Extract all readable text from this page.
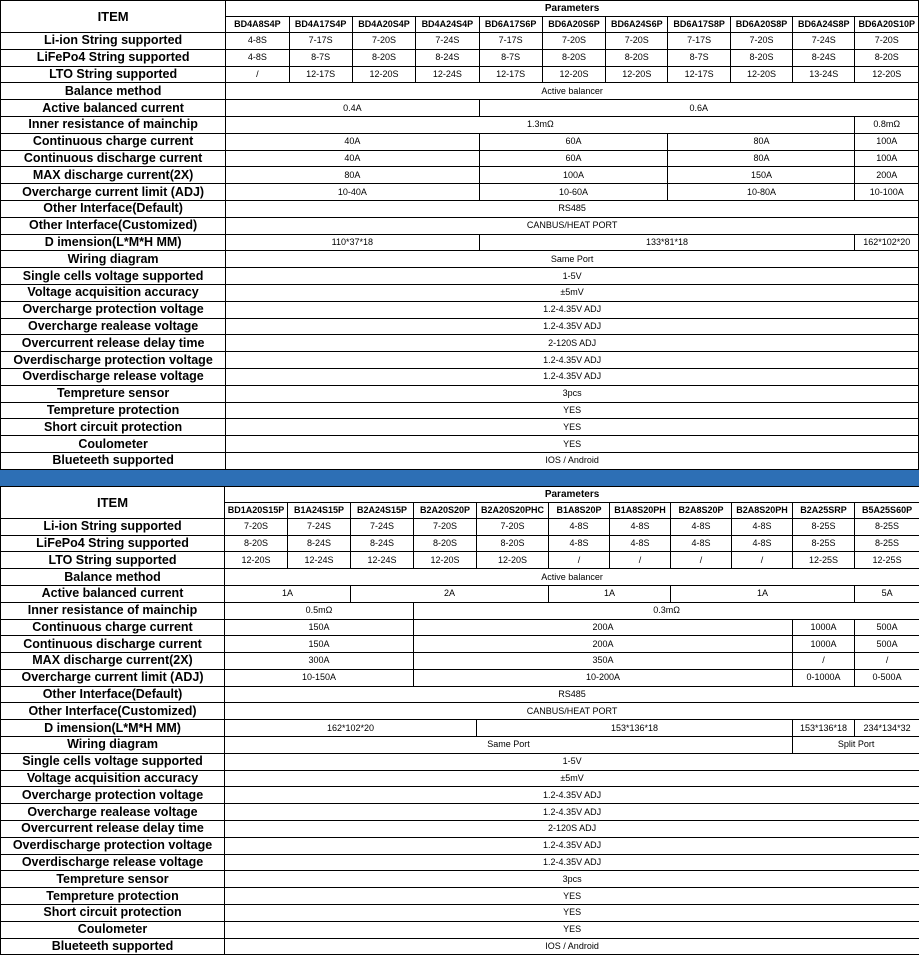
ITEM	Parameters										
	BD4A8S4P	BD4A17S4P	BD4A20S4P	BD4A24S4P	BD6A17S6P	BD6A20S6P	BD6A24S6P	BD6A17S8P	BD6A20S8P	BD6A24S8P	BD6A20S10P
Li-ion String supported	4-8S	7-17S	7-20S	7-24S	7-17S	7-20S	7-20S	7-17S	7-20S	7-24S	7-20S
LiFePo4 String supported	4-8S	8-7S	8-20S	8-24S	8-7S	8-20S	8-20S	8-7S	8-20S	8-24S	8-20S
LTO String supported	/	12-17S	12-20S	12-24S	12-17S	12-20S	12-20S	12-17S	12-20S	13-24S	12-20S
Balance method	Active balancer										
Active balanced current	0.4A				0.6A						
Inner resistance of mainchip	1.3mΩ										0.8mΩ
Continuous charge current	40A				60A			80A			100A
Continuous discharge current	40A				60A			80A			100A
MAX discharge current(2X)	80A				100A			150A			200A
Overcharge current limit (ADJ)	10-40A				10-60A			10-80A			10-100A
Other Interface(Default)	RS485										
Other Interface(Customized)	CANBUS/HEAT PORT										
D imension(L*M*H MM)	110*37*18				133*81*18						162*102*20
Wiring diagram	Same Port										
Single cells voltage supported	1-5V										
Voltage acquisition accuracy	±5mV										
Overcharge protection voltage	1.2-4.35V ADJ										
Overcharge realease voltage	1.2-4.35V ADJ										
Overcurrent release delay time	2-120S ADJ										
Overdischarge protection voltage	1.2-4.35V ADJ										
Overdischarge release voltage	1.2-4.35V ADJ										
Tempreture sensor	3pcs										
Tempreture protection	YES										
Short circuit protection	YES										
Coulometer	YES										
Blueteeth supported	IOS / Android										
ITEM	Parameters										
	BD1A20S15P	B1A24S15P	B2A24S15P	B2A20S20P	B2A20S20PHC	B1A8S20P	B1A8S20PH	B2A8S20P	B2A8S20PH	B2A25SRP	B5A25S60P
Li-ion String supported	7-20S	7-24S	7-24S	7-20S	7-20S	4-8S	4-8S	4-8S	4-8S	8-25S	8-25S
LiFePo4 String supported	8-20S	8-24S	8-24S	8-20S	8-20S	4-8S	4-8S	4-8S	4-8S	8-25S	8-25S
LTO String supported	12-20S	12-24S	12-24S	12-20S	12-20S	/	/	/	/	12-25S	12-25S
Balance method	Active balancer										
Active balanced current	1A		2A			1A		1A			5A
Inner resistance of mainchip	0.5mΩ			0.3mΩ							
Continuous charge current	150A			200A						1000A	500A
Continuous discharge current	150A			200A						1000A	500A
MAX discharge current(2X)	300A			350A						/	/
Overcharge current limit (ADJ)	10-150A			10-200A						0-1000A	0-500A
Other Interface(Default)	RS485										
Other Interface(Customized)	CANBUS/HEAT PORT										
D imension(L*M*H MM)	162*102*20				153*136*18					153*136*18	234*134*32
Wiring diagram	Same Port									Split Port	
Single cells voltage supported	1-5V										
Voltage acquisition accuracy	±5mV										
Overcharge protection voltage	1.2-4.35V ADJ										
Overcharge realease voltage	1.2-4.35V ADJ										
Overcurrent release delay time	2-120S ADJ										
Overdischarge protection voltage	1.2-4.35V ADJ										
Overdischarge release voltage	1.2-4.35V ADJ										
Tempreture sensor	3pcs										
Tempreture protection	YES										
Short circuit protection	YES										
Coulometer	YES										
Blueteeth supported	IOS / Android										
